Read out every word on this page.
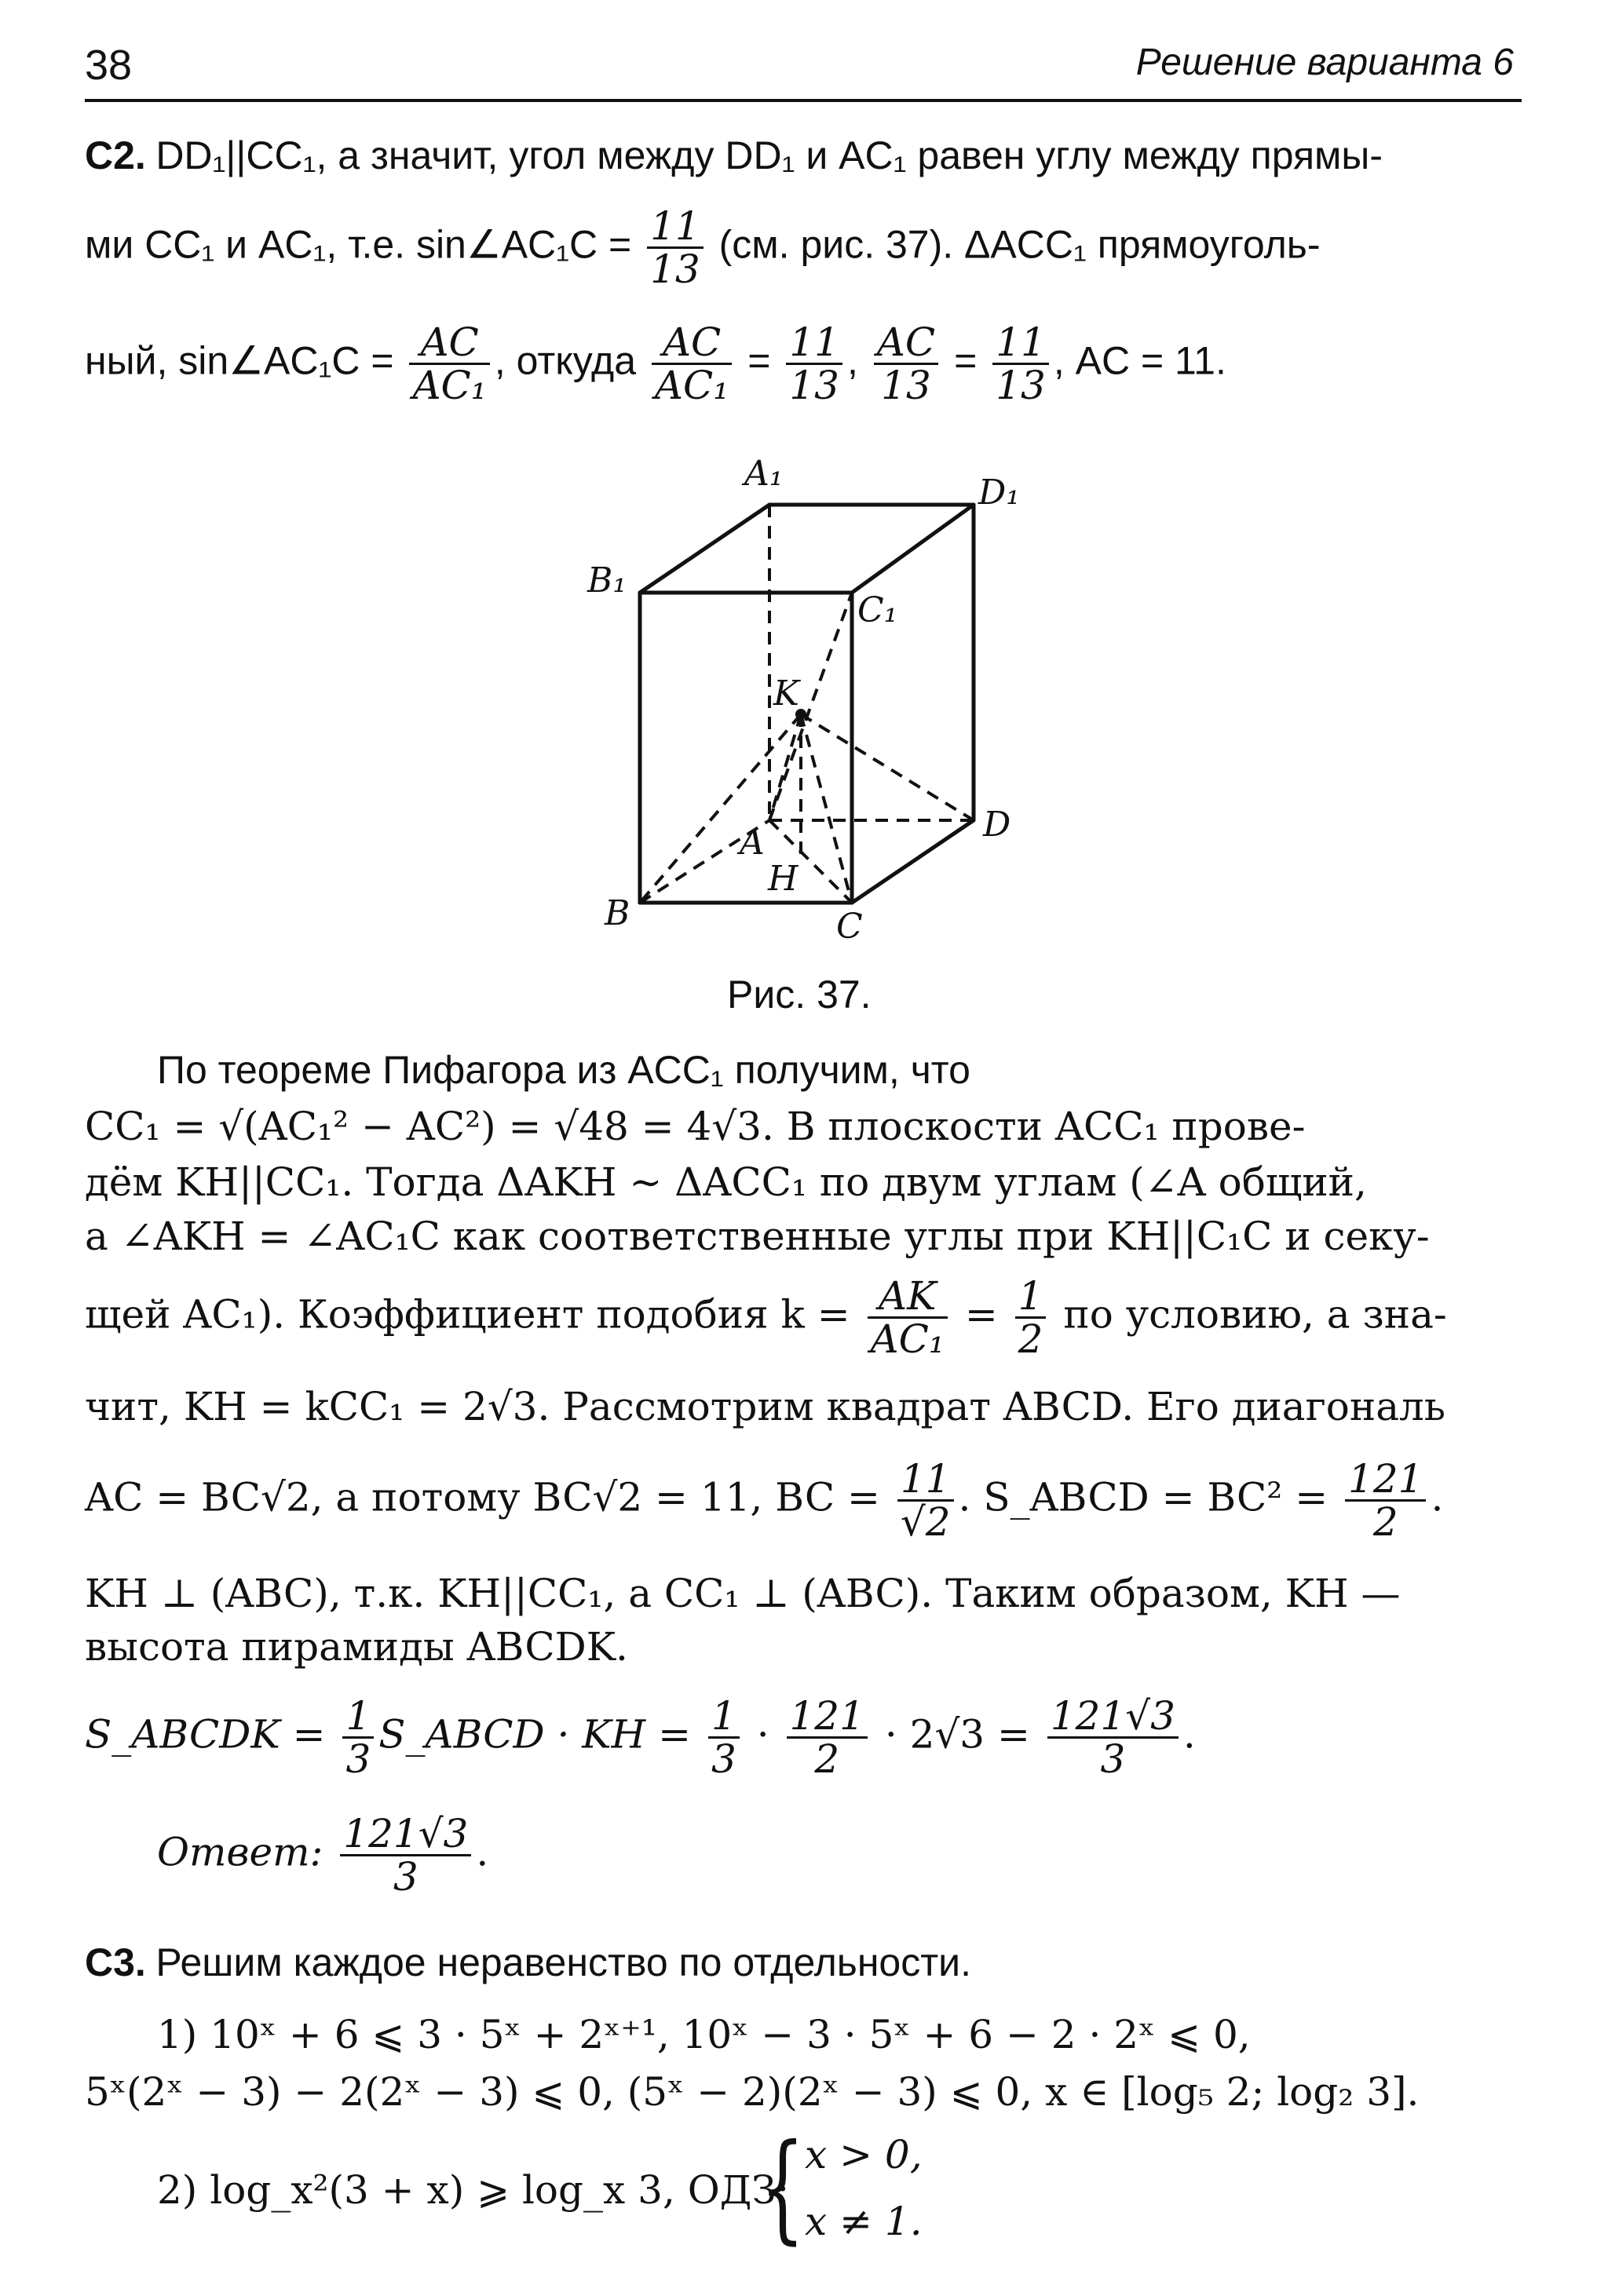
38	Решение варианта 6
C2. DD₁||CC₁, а значит, угол между DD₁ и AC₁ равен углу между прямы-
ми CC₁ и AC₁, т.е. sin∠AC₁C = $\frac{11}{13} (см$. рис. 37). ΔACC₁ прямоуголь-
ный, sin∠AC₁C = $\frac{AC}{\text{AC₁}}$ , откуда $\frac{AC}{\text{AC₁}} = \frac{11}{13}$ , $\frac{AC}{13} = \frac{11}{13}$ , AC = 11.
A₁	D₁
B₁
C₁
K
D
A
H
B	C
Рис. 37.
По теореме Пифагора из ACC₁ получим, что
CC₁ = √(AC₁² − AC²) = √48 = 4√3. В плоскости ACC₁ прове-
дём KH||CC₁. Тогда ΔAKH ∼ ΔACC₁ по двум углам (∠A общий,
а ∠AKH = ∠AC₁C как соответственные углы при KH||C₁C и секу-
щей AC₁). Коэффициент подобия $k = \frac{AK}{\text{AC₁}} = \frac{1}{2}$ по условию, а зна-
чит, KH = kCC₁ = 2√3. Рассмотрим квадрат ABCD. Его диагональ
AC = BC√2, а потому BC√2 = 11, BC = $\frac{11}{√2}$ . S_ABCD = $BC^2 = \frac{121}{2}$ .
KH ⊥ (ABC), т.к. KH||CC₁, а CC₁ ⊥ (ABC). Таким образом, KH —
высота пирамиды ABCDK.
S_ABCDK = $\frac{1}{3}$ S_ABCD · KH = $\frac{1}{3} \cdot \frac{121}{2} \cdot 2√3 = \frac{121√3}{3}$ .
Ответ: $\frac{121√3}{3}$ .
C3. Решим каждое неравенство по отдельности.
1) 10ˣ + 6 ⩽ 3 · 5ˣ + 2ˣ⁺¹, 10ˣ − 3 · 5ˣ + 6 − 2 · 2ˣ ⩽ 0,
5ˣ(2ˣ − 3) − 2(2ˣ − 3) ⩽ 0, (5ˣ − 2)(2ˣ − 3) ⩽ 0, x ∈ [log₅ 2; log₂ 3].
2) log_x²(3 + x) ⩾ log_x 3, ОДЗ:
{ x > 0,
x ≠ 1.
